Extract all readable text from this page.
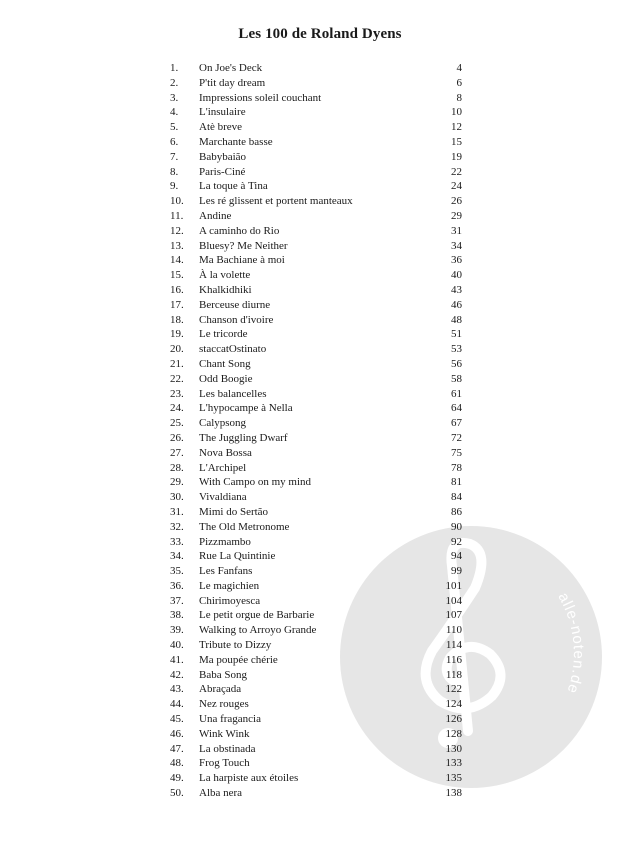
alle-noten.de
Les 100 de Roland Dyens
1.	On Joe's Deck	4
2.	P'tit day dream	6
3.	Impressions soleil couchant	8
4.	L'insulaire	10
5.	Atè breve	12
6.	Marchante basse	15
7.	Babybaião	19
8.	Paris-Ciné	22
9.	La toque à Tina	24
10.	Les ré glissent et portent manteaux	26
11.	Andine	29
12.	A caminho do Rio	31
13.	Bluesy? Me Neither	34
14.	Ma Bachiane à moi	36
15.	À la volette	40
16.	Khalkidhiki	43
17.	Berceuse diurne	46
18.	Chanson d'ivoire	48
19.	Le tricorde	51
20.	staccatOstinato	53
21.	Chant Song	56
22.	Odd Boogie	58
23.	Les balancelles	61
24.	L'hypocampe à Nella	64
25.	Calypsong	67
26.	The Juggling Dwarf	72
27.	Nova Bossa	75
28.	L'Archipel	78
29.	With Campo on my mind	81
30.	Vivaldiana	84
31.	Mimi do Sertão	86
32.	The Old Metronome	90
33.	Pizzmambo	92
34.	Rue La Quintinie	94
35.	Les Fanfans	99
36.	Le magichien	101
37.	Chirimoyesca	104
38.	Le petit orgue de Barbarie	107
39.	Walking to Arroyo Grande	110
40.	Tribute to Dizzy	114
41.	Ma poupée chérie	116
42.	Baba Song	118
43.	Abraçada	122
44.	Nez rouges	124
45.	Una fragancia	126
46.	Wink Wink	128
47.	La obstinada	130
48.	Frog Touch	133
49.	La harpiste aux étoiles	135
50.	Alba nera	138
